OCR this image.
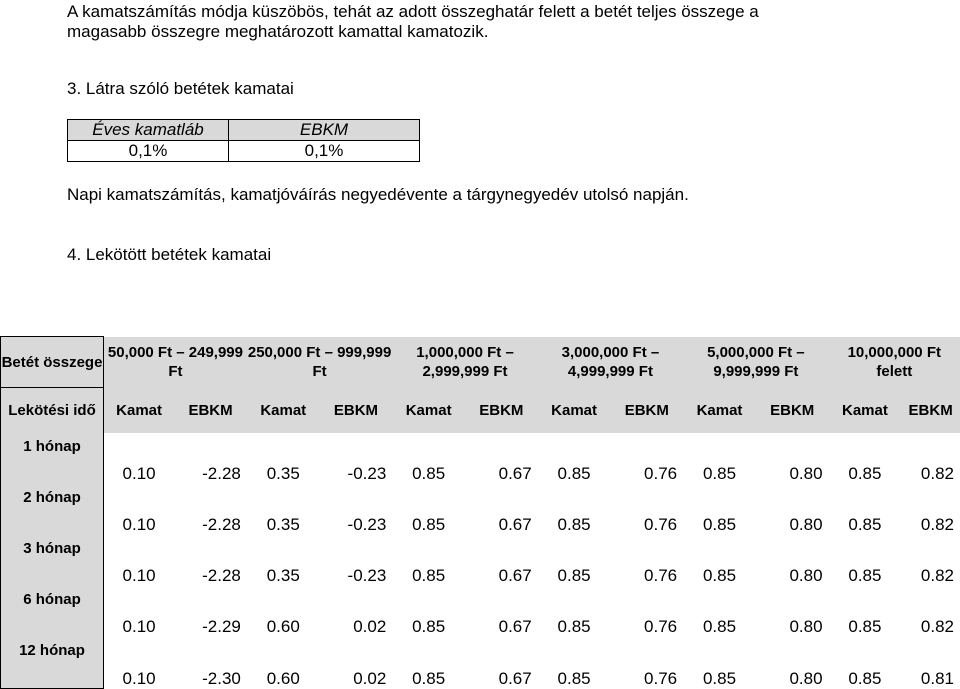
A kamatszámítás módja küszöbös, tehát az adott összeghatár felett a betét teljes összege a

magasabb összegre meghatározott kamattal kamatozik.

3. Látra szóló betétek kamatai

Éves kamatláb	EBKM
0,1%	0,1%

Napi kamatszámítás, kamatjóváírás negyedévente a tárgynegyedév utolsó napján.

4. Lekötött betétek kamatai

Betét összege	50,000 Ft – 249,999 Ft		250,000 Ft – 999,999 Ft		1,000,000 Ft – 2,999,999 Ft		3,000,000 Ft – 4,999,999 Ft		5,000,000 Ft – 9,999,999 Ft		10,000,000 Ft felett	
Lekötési idő	Kamat	EBKM	Kamat	EBKM	Kamat	EBKM	Kamat	EBKM	Kamat	EBKM	Kamat	EBKM
1 hónap	0.10	-2.28	0.35	-0.23	0.85	0.67	0.85	0.76	0.85	0.80	0.85	0.82
2 hónap	0.10	-2.28	0.35	-0.23	0.85	0.67	0.85	0.76	0.85	0.80	0.85	0.82
3 hónap	0.10	-2.28	0.35	-0.23	0.85	0.67	0.85	0.76	0.85	0.80	0.85	0.82
6 hónap	0.10	-2.29	0.60	0.02	0.85	0.67	0.85	0.76	0.85	0.80	0.85	0.82
12 hónap	0.10	-2.30	0.60	0.02	0.85	0.67	0.85	0.76	0.85	0.80	0.85	0.81
